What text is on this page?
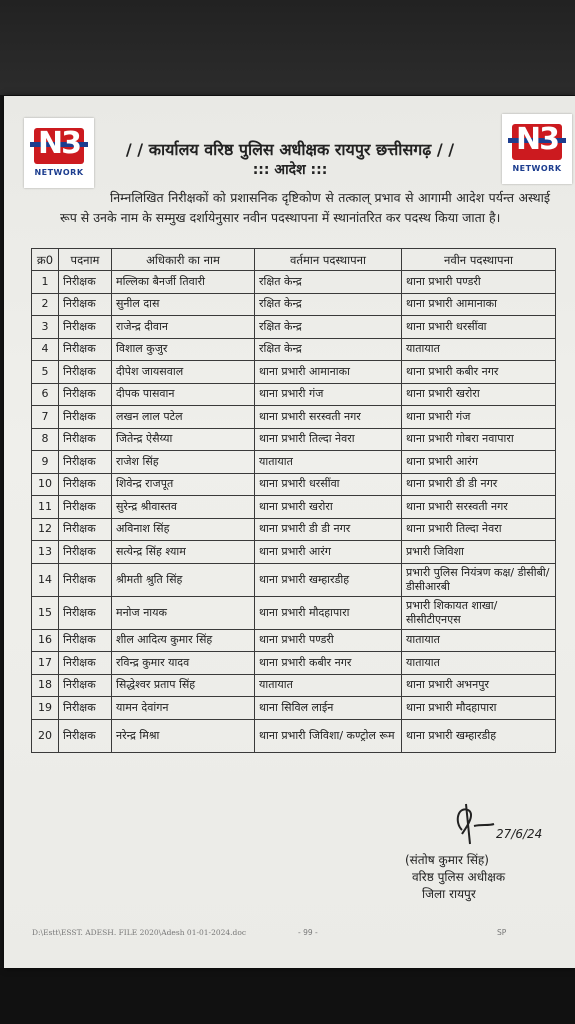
N3
NETWORK
N3
NETWORK
/ / कार्यालय वरिष्ठ पुलिस अधीक्षक रायपुर छत्तीसगढ़ / /
::: आदेश :::
निम्नलिखित निरीक्षकों को प्रशासनिक दृष्टिकोण से तत्काल् प्रभाव से आगामी आदेश पर्यन्त अस्थाई रूप से उनके नाम के सम्मुख दर्शायेनुसार नवीन पदस्थापना में स्थानांतरित कर पदस्थ किया जाता है।
क्र0	पदनाम	अधिकारी का नाम	वर्तमान पदस्थापना	नवीन पदस्थापना
1	निरीक्षक	मल्लिका बैनर्जी तिवारी	रक्षित केन्द्र	थाना प्रभारी पण्डरी
2	निरीक्षक	सुनील दास	रक्षित केन्द्र	थाना प्रभारी आमानाका
3	निरीक्षक	राजेन्द्र दीवान	रक्षित केन्द्र	थाना प्रभारी धरसींवा
4	निरीक्षक	विशाल कुजुर	रक्षित केन्द्र	यातायात
5	निरीक्षक	दीपेश जायसवाल	थाना प्रभारी आमानाका	थाना प्रभारी कबीर नगर
6	निरीक्षक	दीपक पासवान	थाना प्रभारी गंज	थाना प्रभारी खरोरा
7	निरीक्षक	लखन लाल पटेल	थाना प्रभारी सरस्वती नगर	थाना प्रभारी गंज
8	निरीक्षक	जितेन्द्र ऐसैय्या	थाना प्रभारी तिल्दा नेवरा	थाना प्रभारी गोबरा नवापारा
9	निरीक्षक	राजेश सिंह	यातायात	थाना प्रभारी आरंग
10	निरीक्षक	शिवेन्द्र राजपूत	थाना प्रभारी धरसींवा	थाना प्रभारी डी डी नगर
11	निरीक्षक	सुरेन्द्र श्रीवास्तव	थाना प्रभारी खरोरा	थाना प्रभारी सरस्वती नगर
12	निरीक्षक	अविनाश सिंह	थाना प्रभारी डी डी नगर	थाना प्रभारी तिल्दा नेवरा
13	निरीक्षक	सत्येन्द्र सिंह श्याम	थाना प्रभारी आरंग	प्रभारी जिविशा
14	निरीक्षक	श्रीमती श्रुति सिंह	थाना प्रभारी खम्हारडीह	प्रभारी पुलिस नियंत्रण कक्ष/ डीसीबी/डीसीआरबी
15	निरीक्षक	मनोज नायक	थाना प्रभारी मौदहापारा	प्रभारी शिकायत शाखा/ सीसीटीएनएस
16	निरीक्षक	शील आदित्य कुमार सिंह	थाना प्रभारी पण्डरी	यातायात
17	निरीक्षक	रविन्द्र कुमार यादव	थाना प्रभारी कबीर नगर	यातायात
18	निरीक्षक	सिद्धेश्वर प्रताप सिंह	यातायात	थाना प्रभारी अभनपुर
19	निरीक्षक	यामन देवांगन	थाना सिविल लाईन	थाना प्रभारी मौदहापारा
20	निरीक्षक	नरेन्द्र मिश्रा	थाना प्रभारी जिविशा/ कण्ट्रोल रूम	थाना प्रभारी खम्हारडीह
27/6/24
(संतोष कुमार सिंह)
वरिष्ठ पुलिस अधीक्षक
जिला रायपुर
D:\Estt\ESST. ADESH. FILE 2020\Adesh 01-01-2024.doc	- 99 -	SP
